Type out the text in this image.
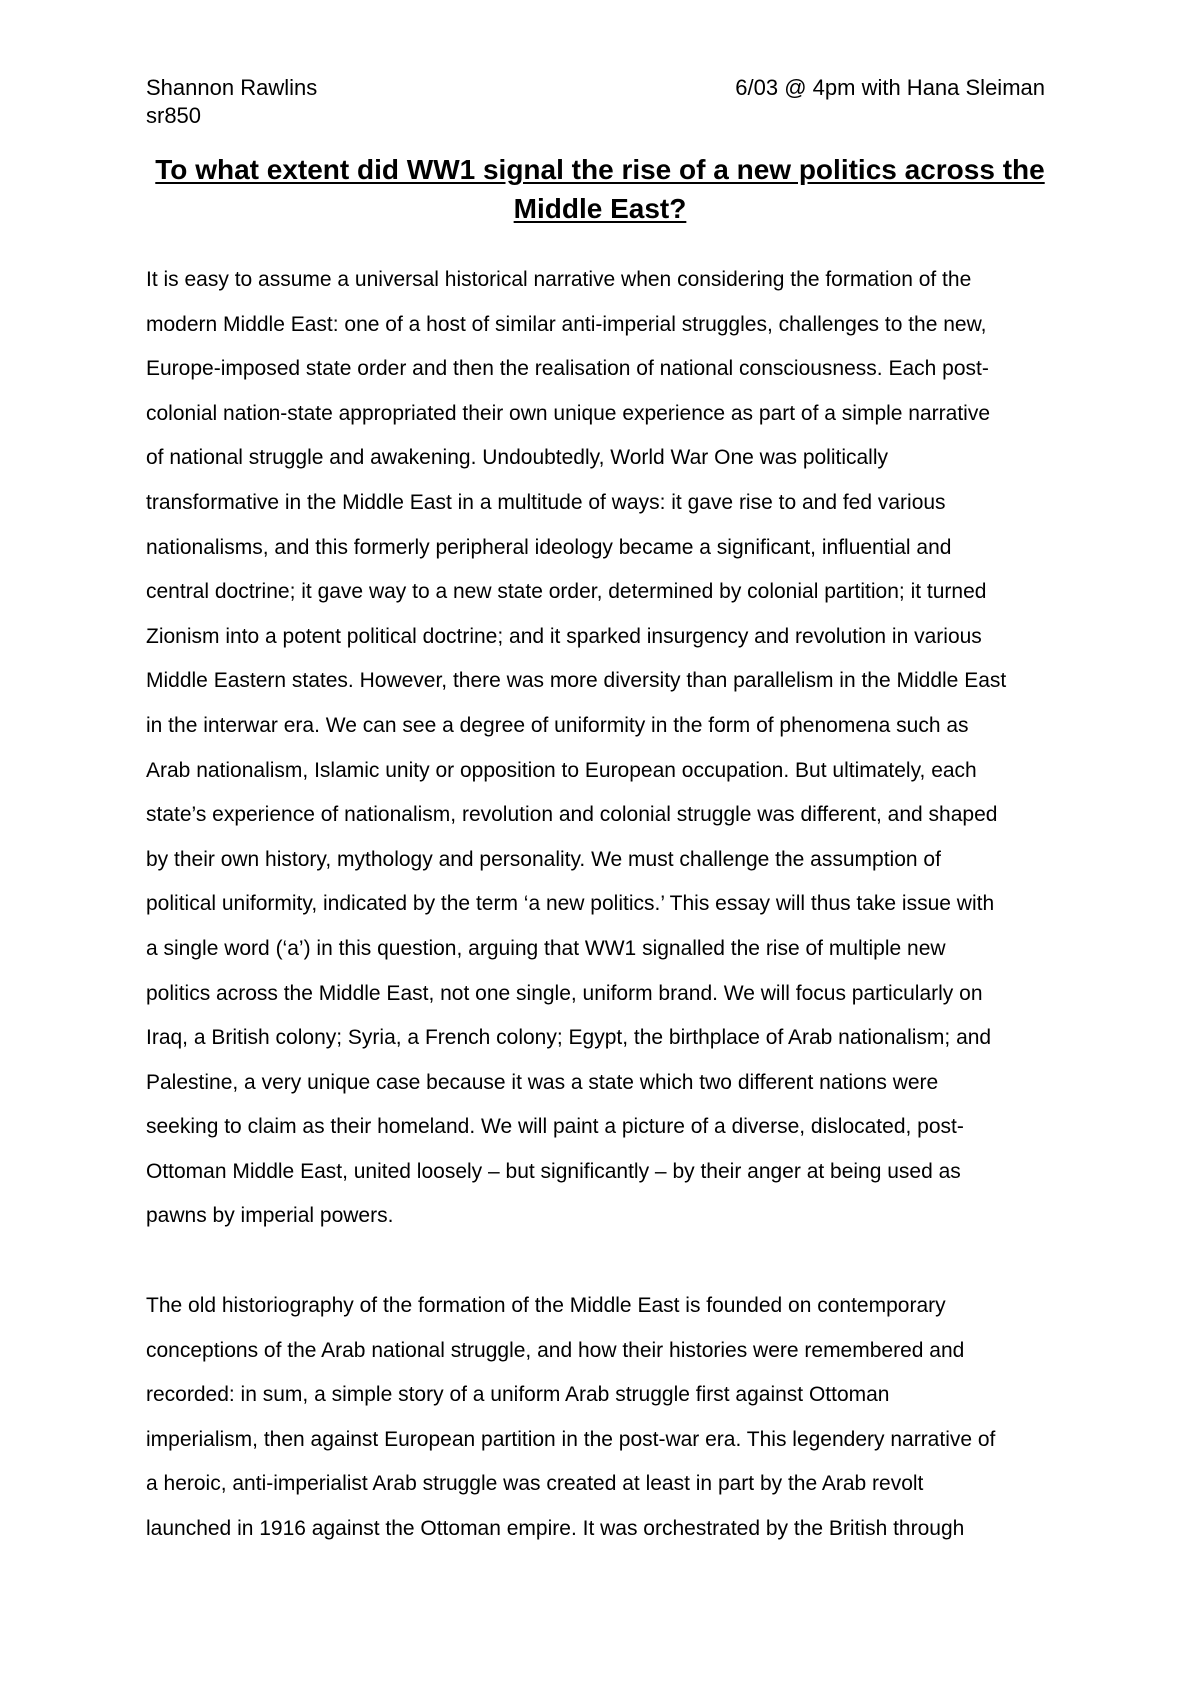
Shannon Rawlins	6/03 @ 4pm with Hana Sleiman
sr850
To what extent did WW1 signal the rise of a new politics across the
Middle East?
It is easy to assume a universal historical narrative when considering the formation of the
modern Middle East: one of a host of similar anti-imperial struggles, challenges to the new,
Europe-imposed state order and then the realisation of national consciousness. Each post-
colonial nation-state appropriated their own unique experience as part of a simple narrative
of national struggle and awakening. Undoubtedly, World War One was politically
transformative in the Middle East in a multitude of ways: it gave rise to and fed various
nationalisms, and this formerly peripheral ideology became a significant, influential and
central doctrine; it gave way to a new state order, determined by colonial partition; it turned
Zionism into a potent political doctrine; and it sparked insurgency and revolution in various
Middle Eastern states. However, there was more diversity than parallelism in the Middle East
in the interwar era. We can see a degree of uniformity in the form of phenomena such as
Arab nationalism, Islamic unity or opposition to European occupation. But ultimately, each
state’s experience of nationalism, revolution and colonial struggle was different, and shaped
by their own history, mythology and personality. We must challenge the assumption of
political uniformity, indicated by the term ‘a new politics.’ This essay will thus take issue with
a single word (‘a’) in this question, arguing that WW1 signalled the rise of multiple new
politics across the Middle East, not one single, uniform brand. We will focus particularly on
Iraq, a British colony; Syria, a French colony; Egypt, the birthplace of Arab nationalism; and
Palestine, a very unique case because it was a state which two different nations were
seeking to claim as their homeland. We will paint a picture of a diverse, dislocated, post-
Ottoman Middle East, united loosely – but significantly – by their anger at being used as
pawns by imperial powers.
The old historiography of the formation of the Middle East is founded on contemporary
conceptions of the Arab national struggle, and how their histories were remembered and
recorded: in sum, a simple story of a uniform Arab struggle first against Ottoman
imperialism, then against European partition in the post-war era. This legendery narrative of
a heroic, anti-imperialist Arab struggle was created at least in part by the Arab revolt
launched in 1916 against the Ottoman empire. It was orchestrated by the British through
